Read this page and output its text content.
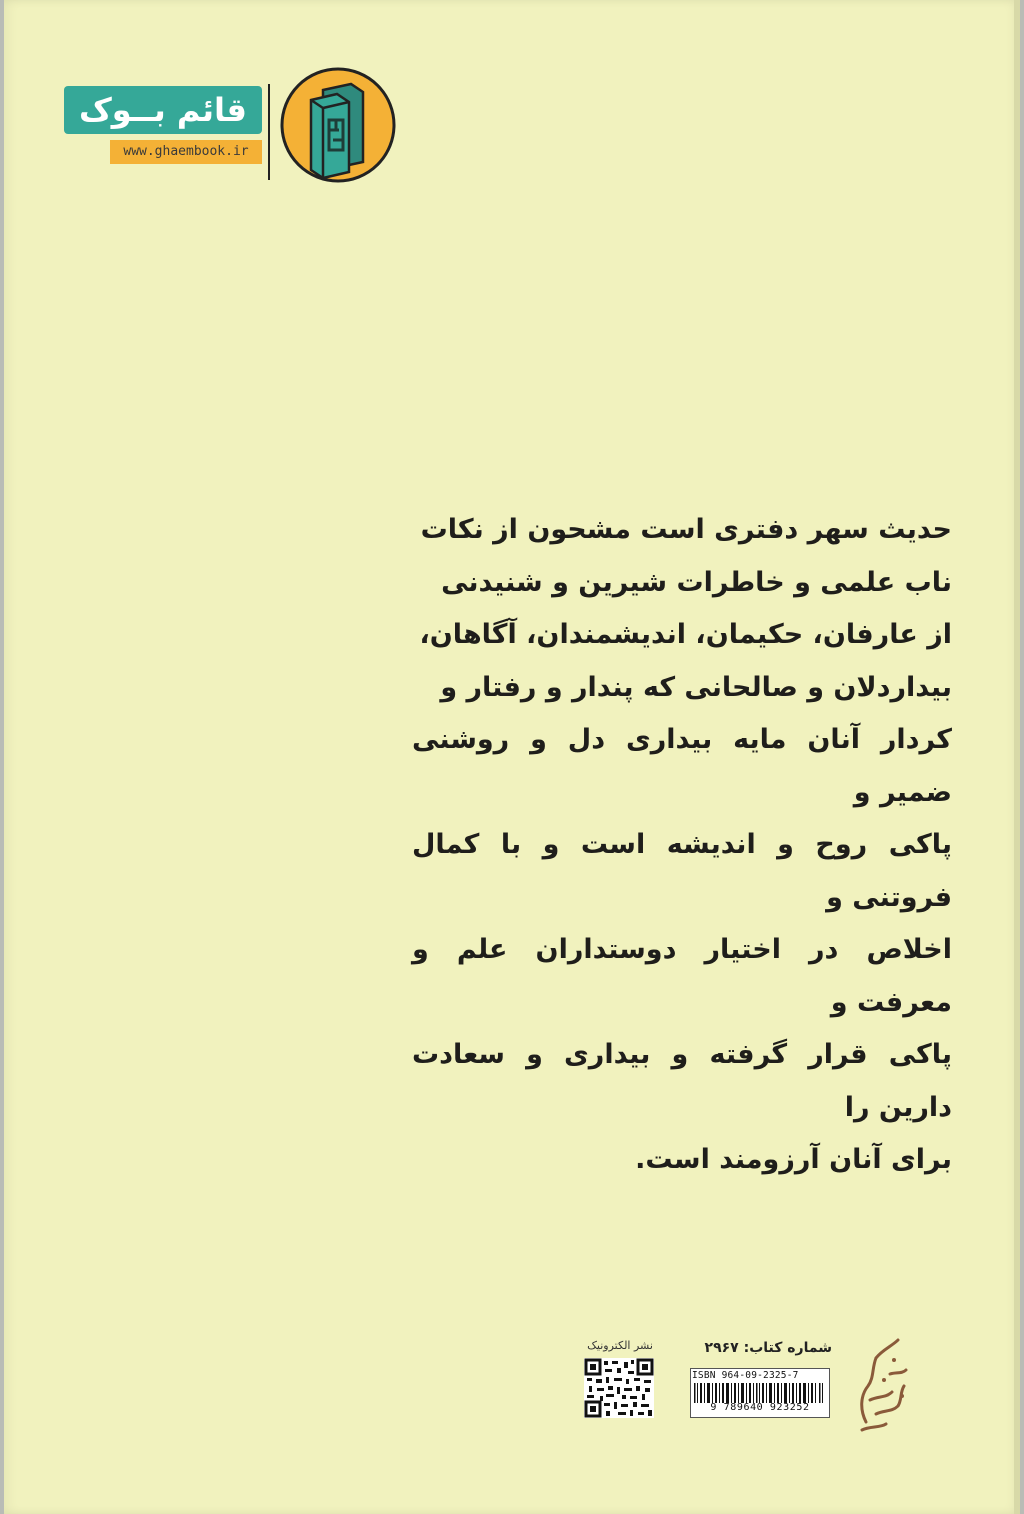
قائم بــوک
www.ghaembook.ir

حدیث سهر دفتری است مشحون از نکات

ناب علمی و خاطرات شیرین و شنیدنی

از عارفان، حکیمان، اندیشمندان، آگاهان،

بیداردلان و صالحانی که پندار و رفتار و

کردار آنان مایه بیداری دل و روشنی ضمیر و

پاکی روح و اندیشه است و با کمال فروتنی و

اخلاص در اختیار دوستداران علم و معرفت و

پاکی قرار گرفته و بیداری و سعادت دارین را

برای آنان آرزومند است.

نشر الکترونیک	شماره کتاب: ۲۹۶۷
ISBN 964-09-2325-7
9 789640 923252
